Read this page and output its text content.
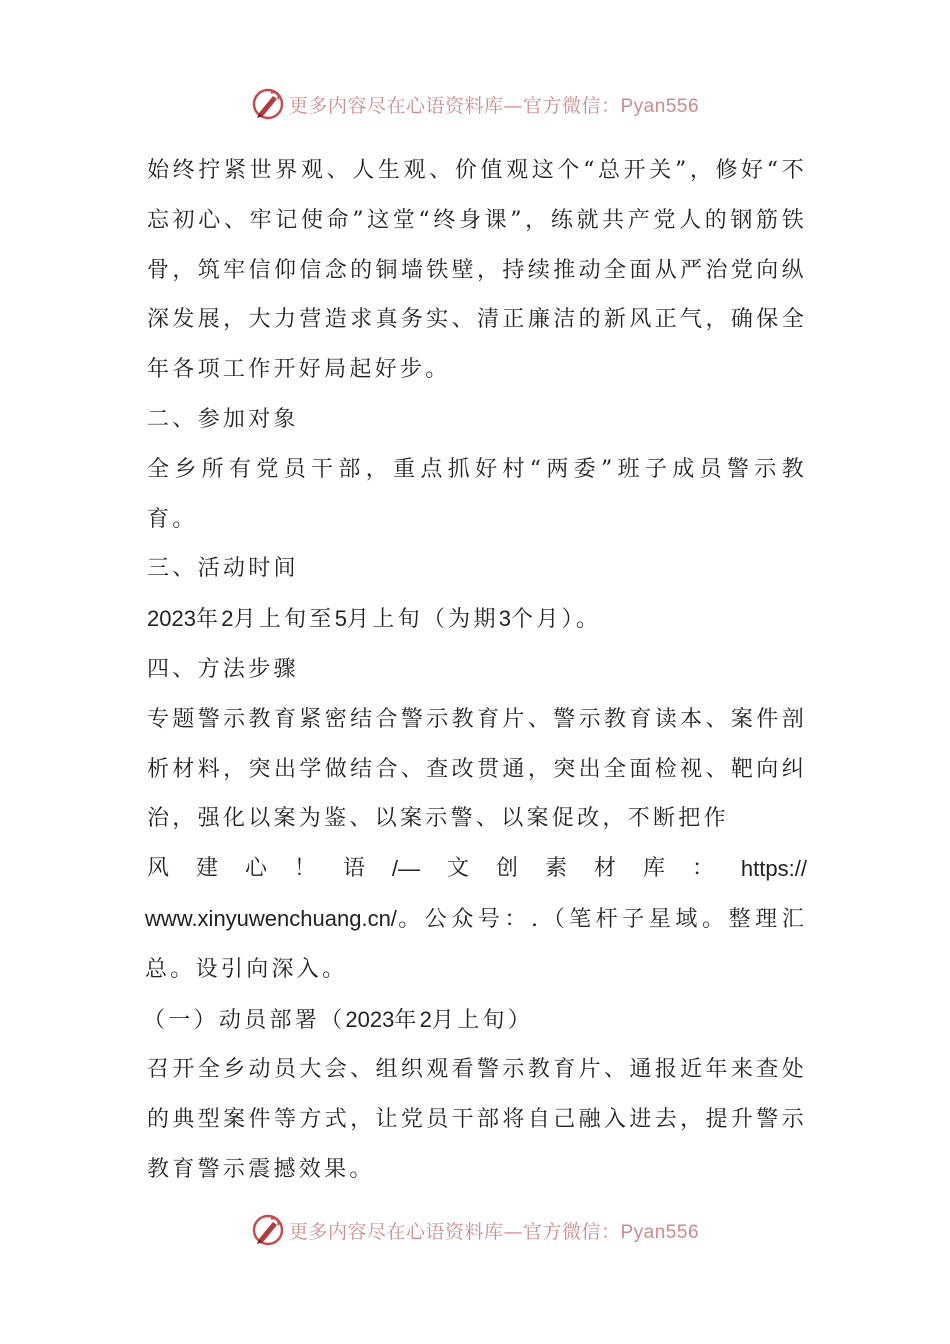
更多内容尽在心语资料库—官方微信：Pyan556

始终拧紧世界观、人生观、价值观这个“总开关”，修好“不忘初心、牢记使命”这堂“终身课”，练就共产党人的钢筋铁骨，筑牢信仰信念的铜墙铁壁，持续推动全面从严治党向纵深发展，大力营造求真务实、清正廉洁的新风正气，确保全年各项工作开好局起好步。

二、参加对象

全乡所有党员干部，重点抓好村“两委”班子成员警示教育。

三、活动时间

2023年2月上旬至5月上旬（为期3个月）。

四、方法步骤

专题警示教育紧密结合警示教育片、警示教育读本、案件剖析材料，突出学做结合、查改贯通，突出全面检视、靶向纠治，强化以案为鉴、以案示警、以案促改，不断把作

风 建 心 ！ 语 /— 文 创 素 材 库 ： https://

www.xinyuwenchuang.cn/。公众号：.（笔杆子星域。整理汇总。设引向深入。

（一）动员部署（2023年2月上旬）

召开全乡动员大会、组织观看警示教育片、通报近年来查处的典型案件等方式，让党员干部将自己融入进去，提升警示教育警示震撼效果。

更多内容尽在心语资料库—官方微信：Pyan556
